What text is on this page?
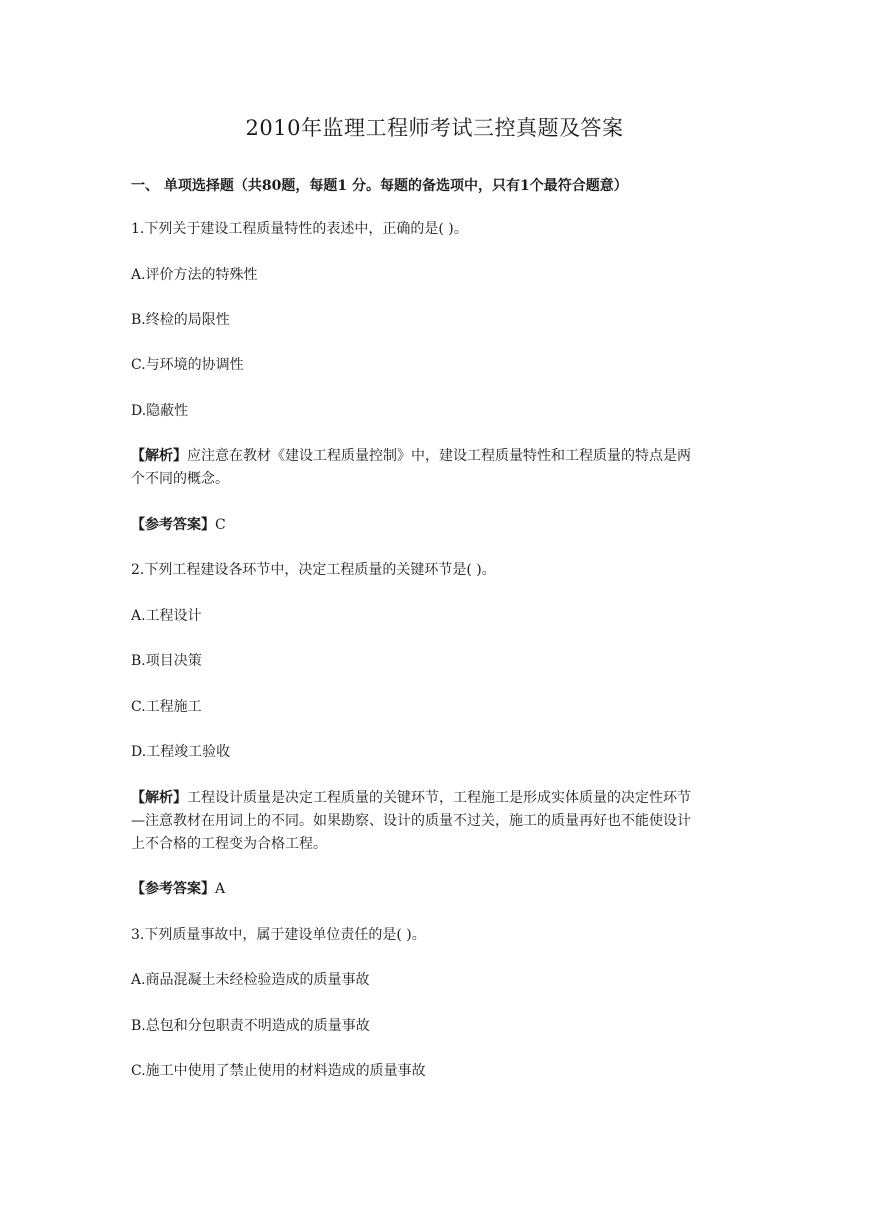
2010年监理工程师考试三控真题及答案
一、 单项选择题（共80题，每题1 分。每题的备选项中，只有1个最符合题意）
1.下列关于建设工程质量特性的表述中，正确的是( )。
A.评价方法的特殊性
B.终检的局限性
C.与环境的协调性
D.隐蔽性
【解析】应注意在教材《建设工程质量控制》中，建设工程质量特性和工程质量的特点是两
个不同的概念。
【参考答案】C
2.下列工程建设各环节中，决定工程质量的关键环节是( )。
A.工程设计
B.项目决策
C.工程施工
D.工程竣工验收
【解析】工程设计质量是决定工程质量的关键环节，工程施工是形成实体质量的决定性环节
—注意教材在用词上的不同。如果勘察、设计的质量不过关，施工的质量再好也不能使设计
上不合格的工程变为合格工程。
【参考答案】A
3.下列质量事故中，属于建设单位责任的是( )。
A.商品混凝土未经检验造成的质量事故
B.总包和分包职责不明造成的质量事故
C.施工中使用了禁止使用的材料造成的质量事故
